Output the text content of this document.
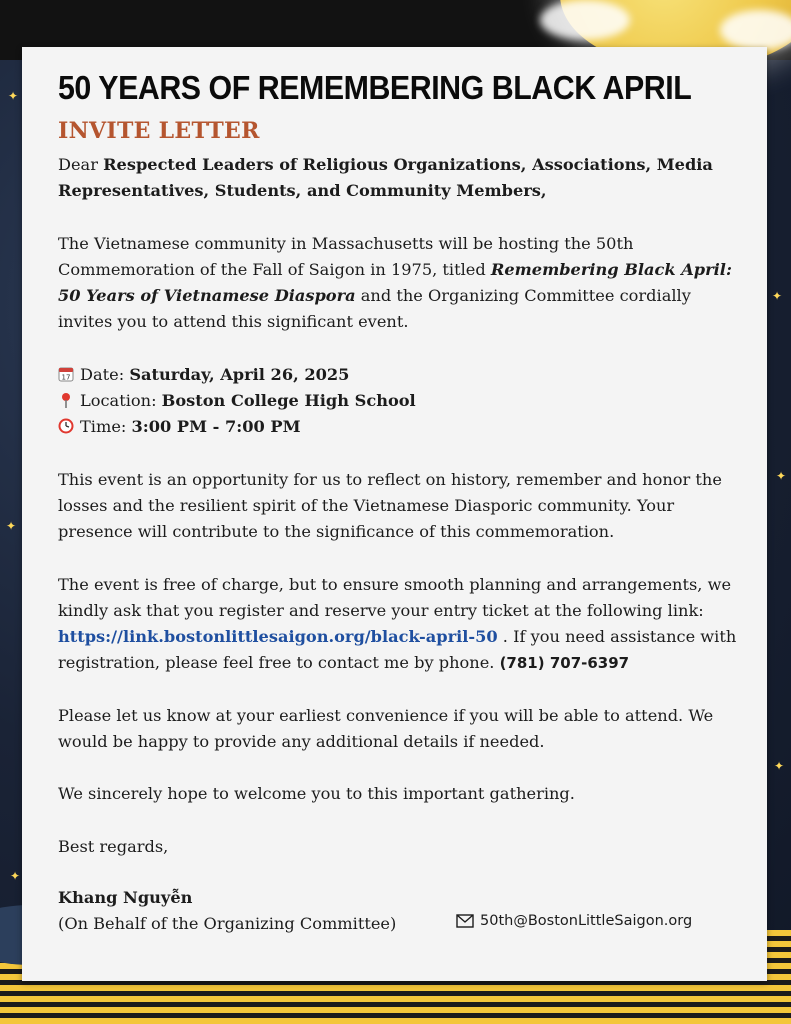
✦
✦
✦
✦
✦
✦
50 YEARS OF REMEMBERING BLACK APRIL
INVITE LETTER

Dear Respected Leaders of Religious Organizations, Associations, Media Representatives, Students, and Community Members,

The Vietnamese community in Massachusetts will be hosting the 50th Commemoration of the Fall of Saigon in 1975, titled Remembering Black April: 50 Years of Vietnamese Diaspora and the Organizing Committee cordially invites you to attend this significant event.

17 Date: Saturday, April 26, 2025
Location: Boston College High School
Time: 3:00 PM - 7:00 PM

This event is an opportunity for us to reflect on history, remember and honor the losses and the resilient spirit of the Vietnamese Diasporic community. Your presence will contribute to the significance of this commemoration.

The event is free of charge, but to ensure smooth planning and arrangements, we kindly ask that you register and reserve your entry ticket at the following link: https://link.bostonlittlesaigon.org/black-april-50 . If you need assistance with registration, please feel free to contact me by phone. (781) 707-6397

Please let us know at your earliest convenience if you will be able to attend. We would be happy to provide any additional details if needed.

We sincerely hope to welcome you to this important gathering.

Best regards,

Khang Nguyễn
(On Behalf of the Organizing Committee)	50th@BostonLittleSaigon.org
